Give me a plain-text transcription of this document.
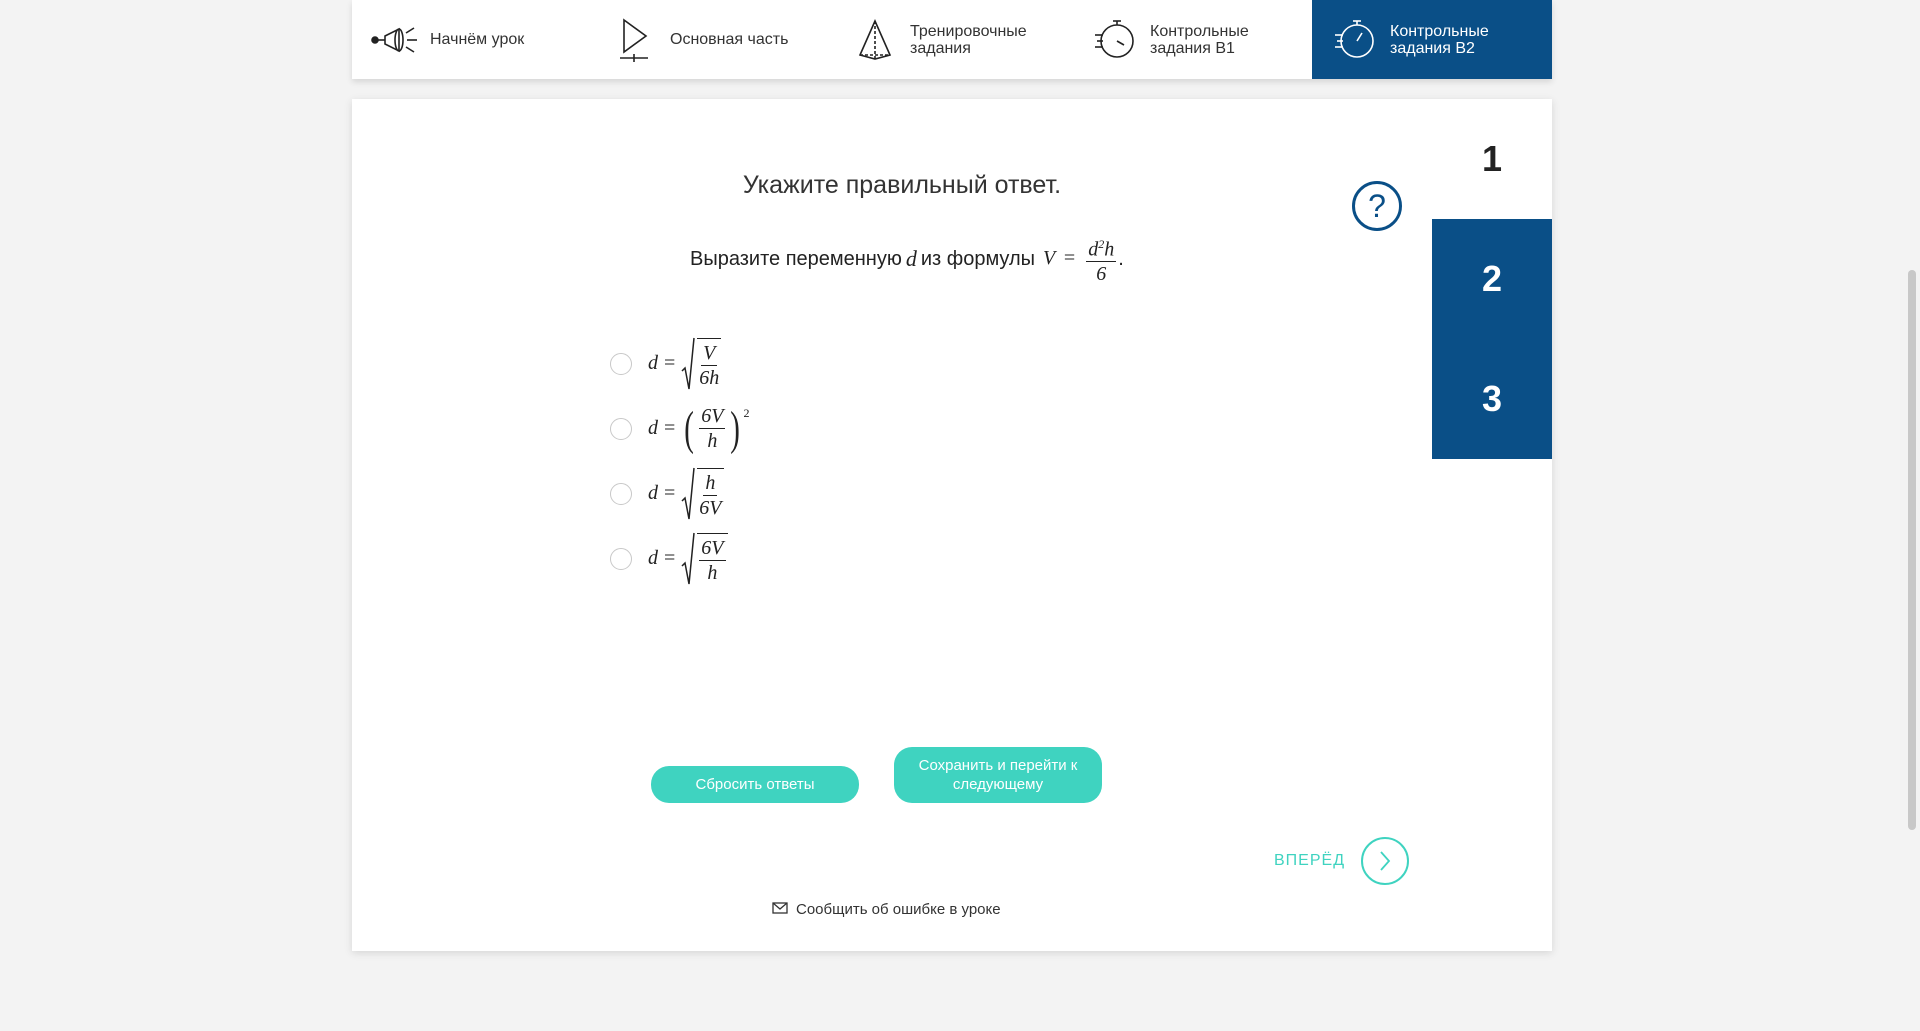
Начнём урок	Основная часть	Тренировочные
задания
Контрольные
задания В1
Контрольные
задания В2
1
2
3
?
Укажите правильный ответ.
Выразите переменную d из формулы $V = \frac{d^2h}{6}$ .
$d = \frac{V}{6h}$
d = ( $\frac{6V}{h}$ ) 2
$d = \frac{h}{6V}$
$d = \frac{6V}{h}$
Сбросить ответы
Сохранить и перейти к следующему
ВПЕРЁД
Сообщить об ошибке в уроке
